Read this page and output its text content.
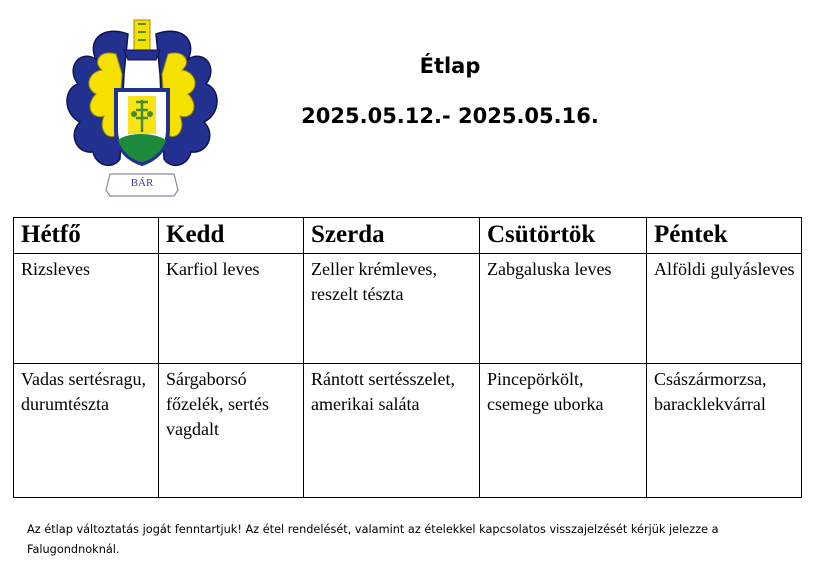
BÁR
Étlap
2025.05.12.- 2025.05.16.
Hétfő	Kedd	Szerda	Csütörtök	Péntek
Rizsleves	Karfiol leves	Zeller krémleves, reszelt tészta	Zabgaluska leves	Alföldi gulyásleves
Vadas sertésragu, durumtészta	Sárgaborsó főzelék, sertés vagdalt	Rántott sertésszelet, amerikai saláta	Pincepörkölt, csemege uborka	Császármorzsa, baracklekvárral
Az étlap változtatás jogát fenntartjuk! Az étel rendelését, valamint az ételekkel kapcsolatos visszajelzését kérjük jelezze a Falugondnoknál.
